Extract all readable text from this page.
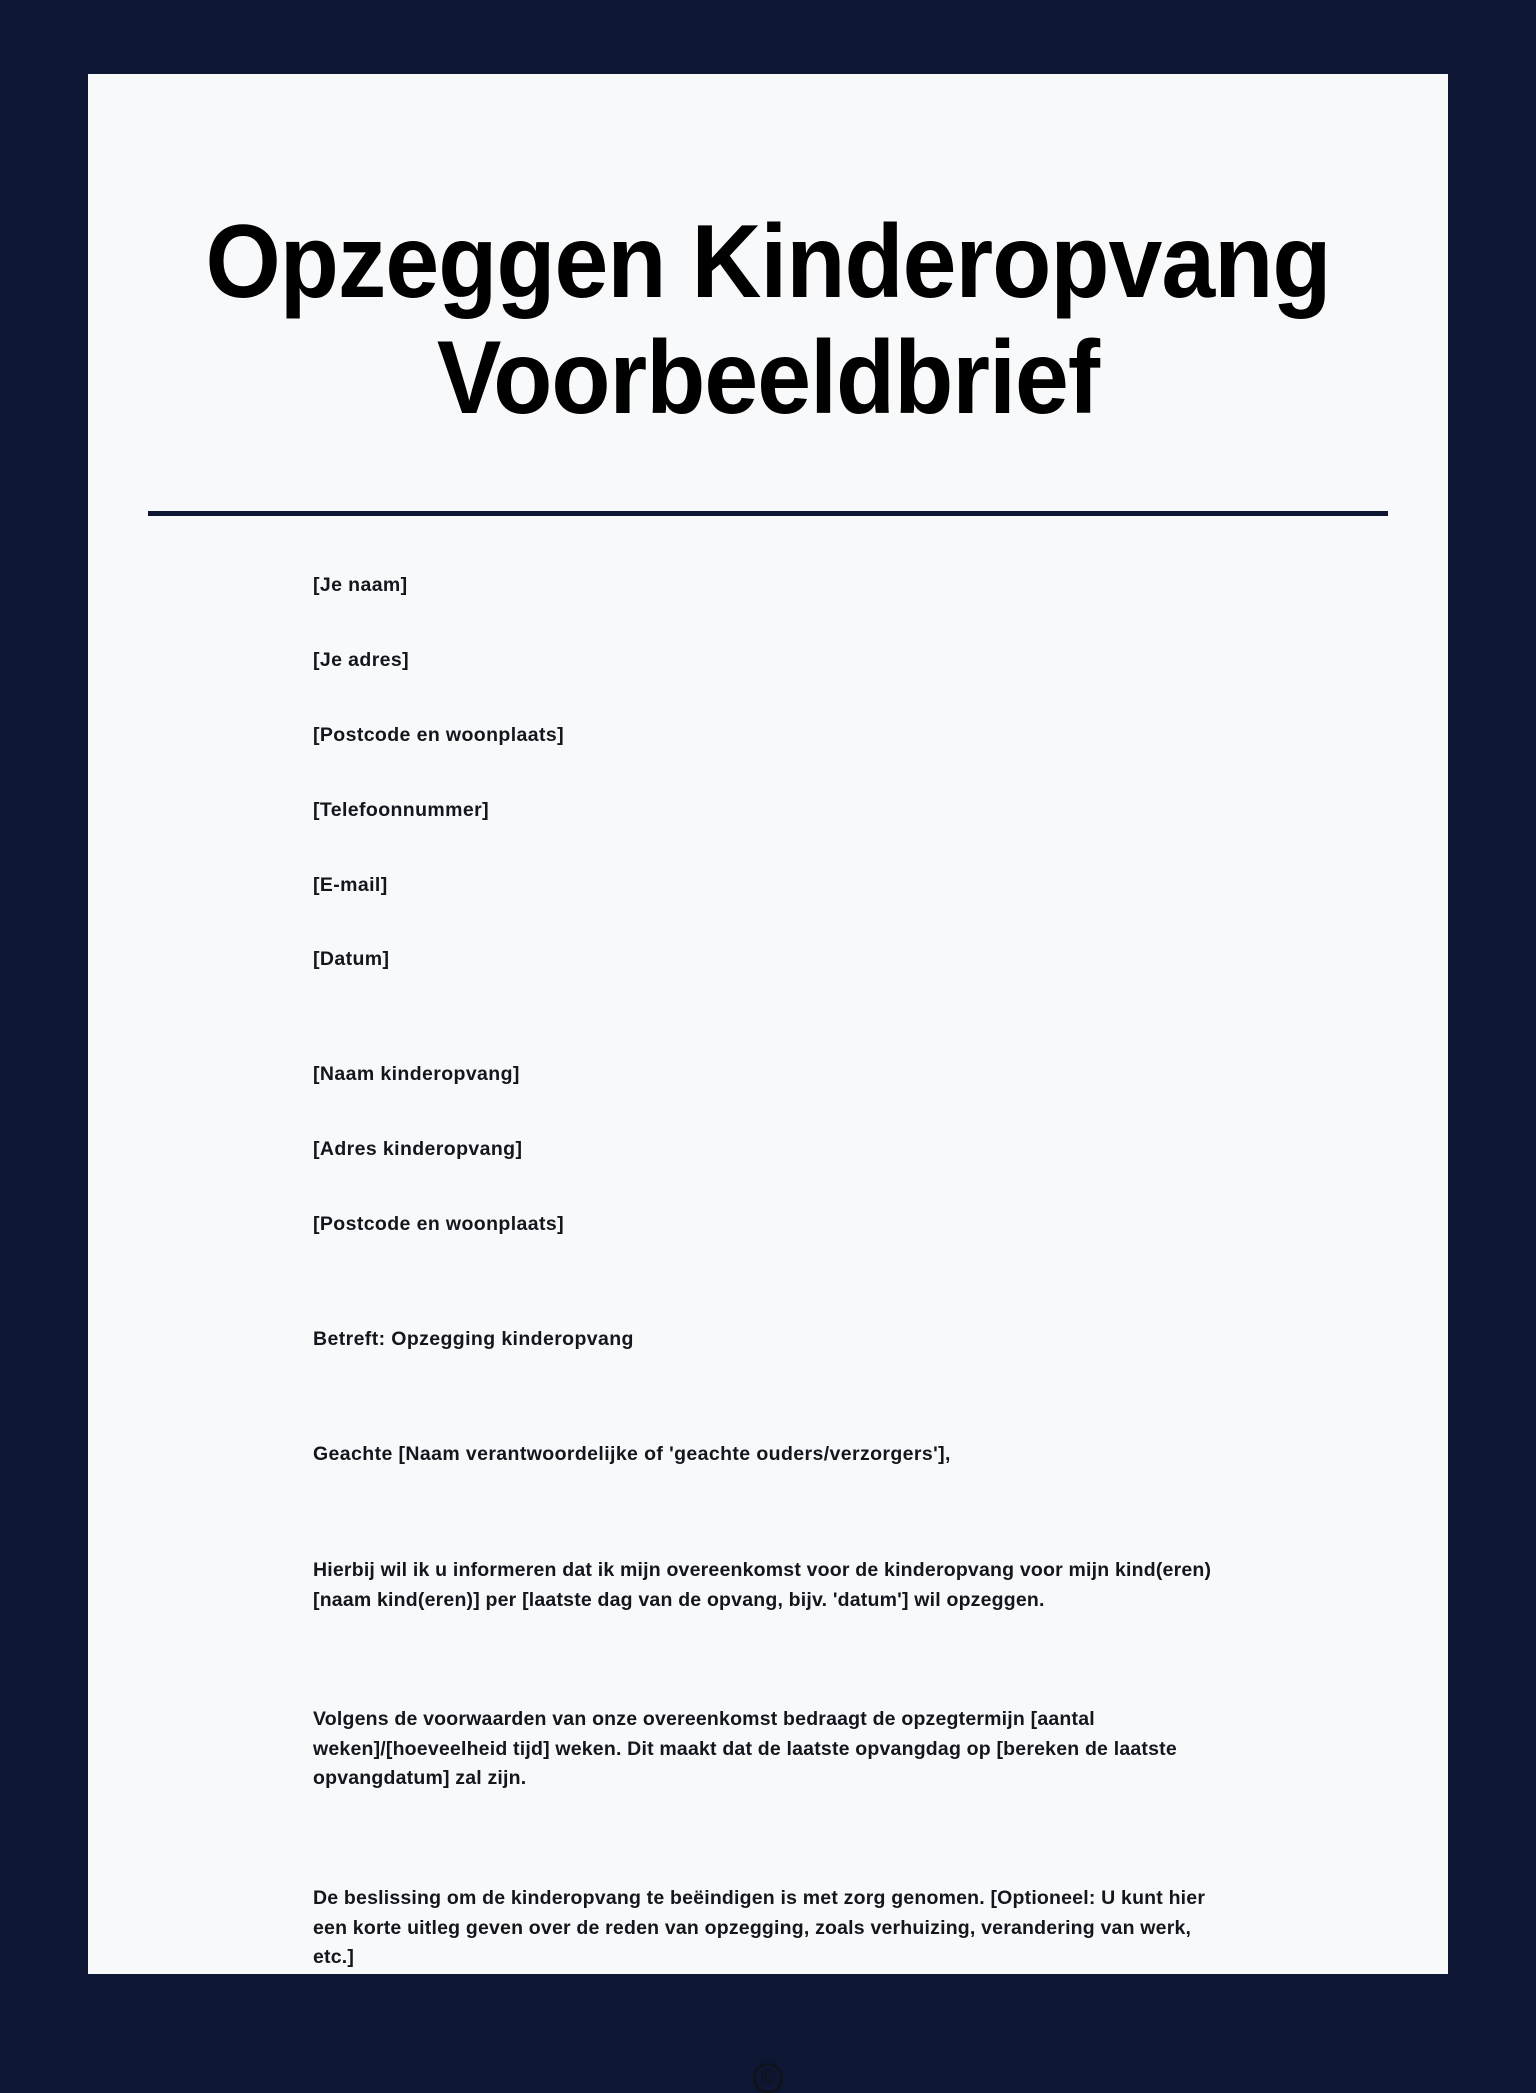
Opzeggen Kinderopvang Voorbeeldbrief

[Je naam]

[Je adres]

[Postcode en woonplaats]

[Telefoonnummer]

[E-mail]

[Datum]

[Naam kinderopvang]

[Adres kinderopvang]

[Postcode en woonplaats]

Betreft: Opzegging kinderopvang

Geachte [Naam verantwoordelijke of 'geachte ouders/verzorgers'],

Hierbij wil ik u informeren dat ik mijn overeenkomst voor de kinderopvang voor mijn kind(eren) [naam kind(eren)] per [laatste dag van de opvang, bijv. 'datum'] wil opzeggen.

Volgens de voorwaarden van onze overeenkomst bedraagt de opzegtermijn [aantal weken]/[hoeveelheid tijd] weken. Dit maakt dat de laatste opvangdag op [bereken de laatste opvangdatum] zal zijn.

De beslissing om de kinderopvang te beëindigen is met zorg genomen. [Optioneel: U kunt hier een korte uitleg geven over de reden van opzegging, zoals verhuizing, verandering van werk, etc.]

©
